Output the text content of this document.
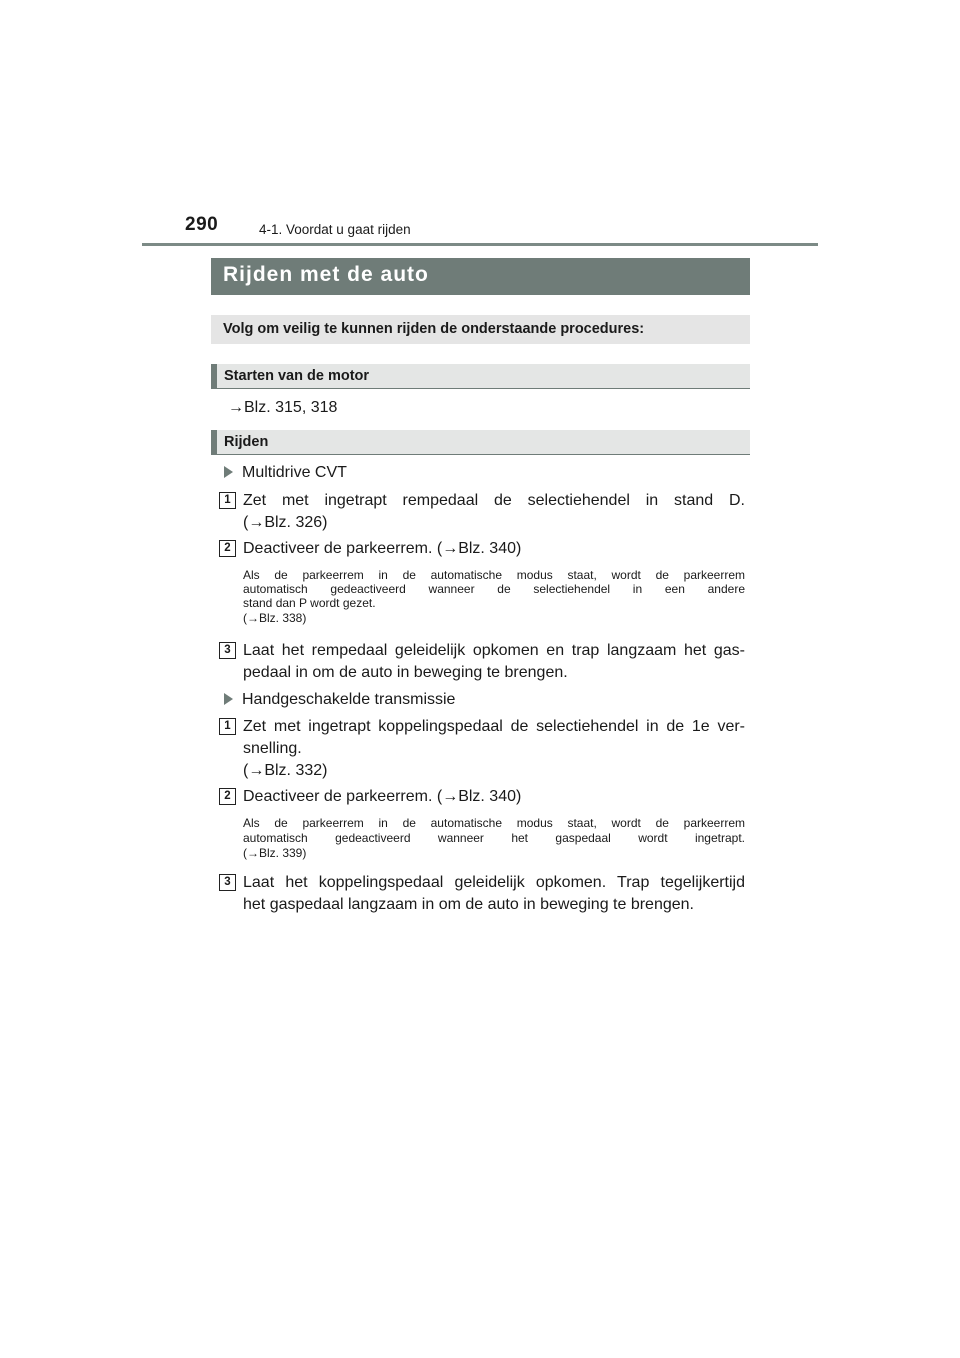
290	4-1. Voordat u gaat rijden
Rijden met de auto
Volg om veilig te kunnen rijden de onderstaande procedures:
Starten van de motor
→Blz. 315, 318
Rijden
Multidrive CVT
1 Zet met ingetrapt rempedaal de selectiehendel in stand D.
(→Blz. 326)
2 Deactiveer de parkeerrem. (→Blz. 340)
Als de parkeerrem in de automatische modus staat, wordt de parkeerrem
automatisch gedeactiveerd wanneer de selectiehendel in een andere
stand dan P wordt gezet.
(→Blz. 338)
3 Laat het rempedaal geleidelijk opkomen en trap langzaam het gas-
pedaal in om de auto in beweging te brengen.
Handgeschakelde transmissie
1 Zet met ingetrapt koppelingspedaal de selectiehendel in de 1e ver-
snelling.
(→Blz. 332)
2 Deactiveer de parkeerrem. (→Blz. 340)
Als de parkeerrem in de automatische modus staat, wordt de parkeerrem
automatisch gedeactiveerd wanneer het gaspedaal wordt ingetrapt.
(→Blz. 339)
3 Laat het koppelingspedaal geleidelijk opkomen. Trap tegelijkertijd
het gaspedaal langzaam in om de auto in beweging te brengen.
